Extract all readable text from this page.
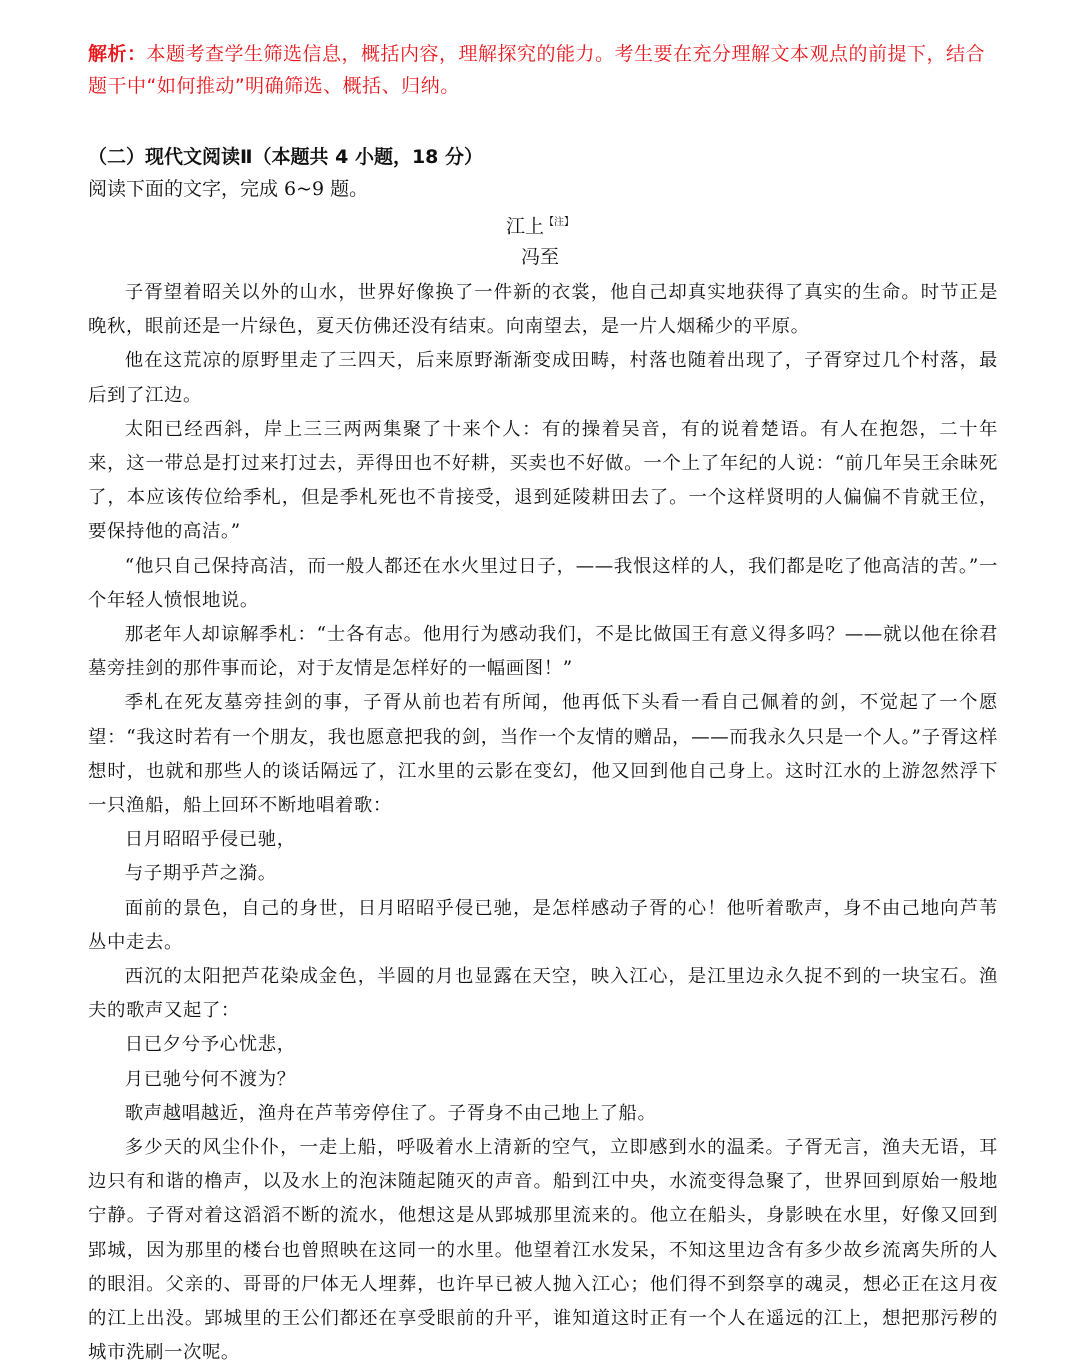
解析：本题考查学生筛选信息，概括内容，理解探究的能力。考生要在充分理解文本观点的前提下，结合题干中“如何推动”明确筛选、概括、归纳。
（二）现代文阅读Ⅱ（本题共 4 小题，18 分）
阅读下面的文字，完成 6~9 题。
江上$^{【注】}$
冯至

子胥望着昭关以外的山水，世界好像换了一件新的衣裳，他自己却真实地获得了真实的生命。时节正是晚秋，眼前还是一片绿色，夏天仿佛还没有结束。向南望去，是一片人烟稀少的平原。

他在这荒凉的原野里走了三四天，后来原野渐渐变成田畴，村落也随着出现了，子胥穿过几个村落，最后到了江边。

太阳已经西斜，岸上三三两两集聚了十来个人：有的操着吴音，有的说着楚语。有人在抱怨，二十年来，这一带总是打过来打过去，弄得田也不好耕，买卖也不好做。一个上了年纪的人说：“前几年吴王余昧死了，本应该传位给季札，但是季札死也不肯接受，退到延陵耕田去了。一个这样贤明的人偏偏不肯就王位，要保持他的高洁。”

“他只自己保持高洁，而一般人都还在水火里过日子，——我恨这样的人，我们都是吃了他高洁的苦。”一个年轻人愤恨地说。

那老年人却谅解季札：“士各有志。他用行为感动我们，不是比做国王有意义得多吗？——就以他在徐君墓旁挂剑的那件事而论，对于友情是怎样好的一幅画图！”

季札在死友墓旁挂剑的事，子胥从前也若有所闻，他再低下头看一看自己佩着的剑，不觉起了一个愿望：“我这时若有一个朋友，我也愿意把我的剑，当作一个友情的赠品，——而我永久只是一个人。”子胥这样想时，也就和那些人的谈话隔远了，江水里的云影在变幻，他又回到他自己身上。这时江水的上游忽然浮下一只渔船，船上回环不断地唱着歌：

日月昭昭乎侵已驰，

与子期乎芦之漪。

面前的景色，自己的身世，日月昭昭乎侵已驰，是怎样感动子胥的心！他听着歌声，身不由己地向芦苇丛中走去。

西沉的太阳把芦花染成金色，半圆的月也显露在天空，映入江心，是江里边永久捉不到的一块宝石。渔夫的歌声又起了：

日已夕兮予心忧悲，

月已驰兮何不渡为？

歌声越唱越近，渔舟在芦苇旁停住了。子胥身不由己地上了船。

多少天的风尘仆仆，一走上船，呼吸着水上清新的空气，立即感到水的温柔。子胥无言，渔夫无语，耳边只有和谐的橹声，以及水上的泡沫随起随灭的声音。船到江中央，水流变得急聚了，世界回到原始一般地宁静。子胥对着这滔滔不断的流水，他想这是从郢城那里流来的。他立在船头，身影映在水里，好像又回到郢城，因为那里的楼台也曾照映在这同一的水里。他望着江水发呆，不知这里边含有多少故乡流离失所的人的眼泪。父亲的、哥哥的尸体无人埋葬，也许早已被人抛入江心；他们得不到祭享的魂灵，想必正在这月夜的江上出没。郢城里的王公们都还在享受眼前的升平，谁知道这时正有一个人在遥远的江上，想把那污秽的城市洗刷一次呢。
